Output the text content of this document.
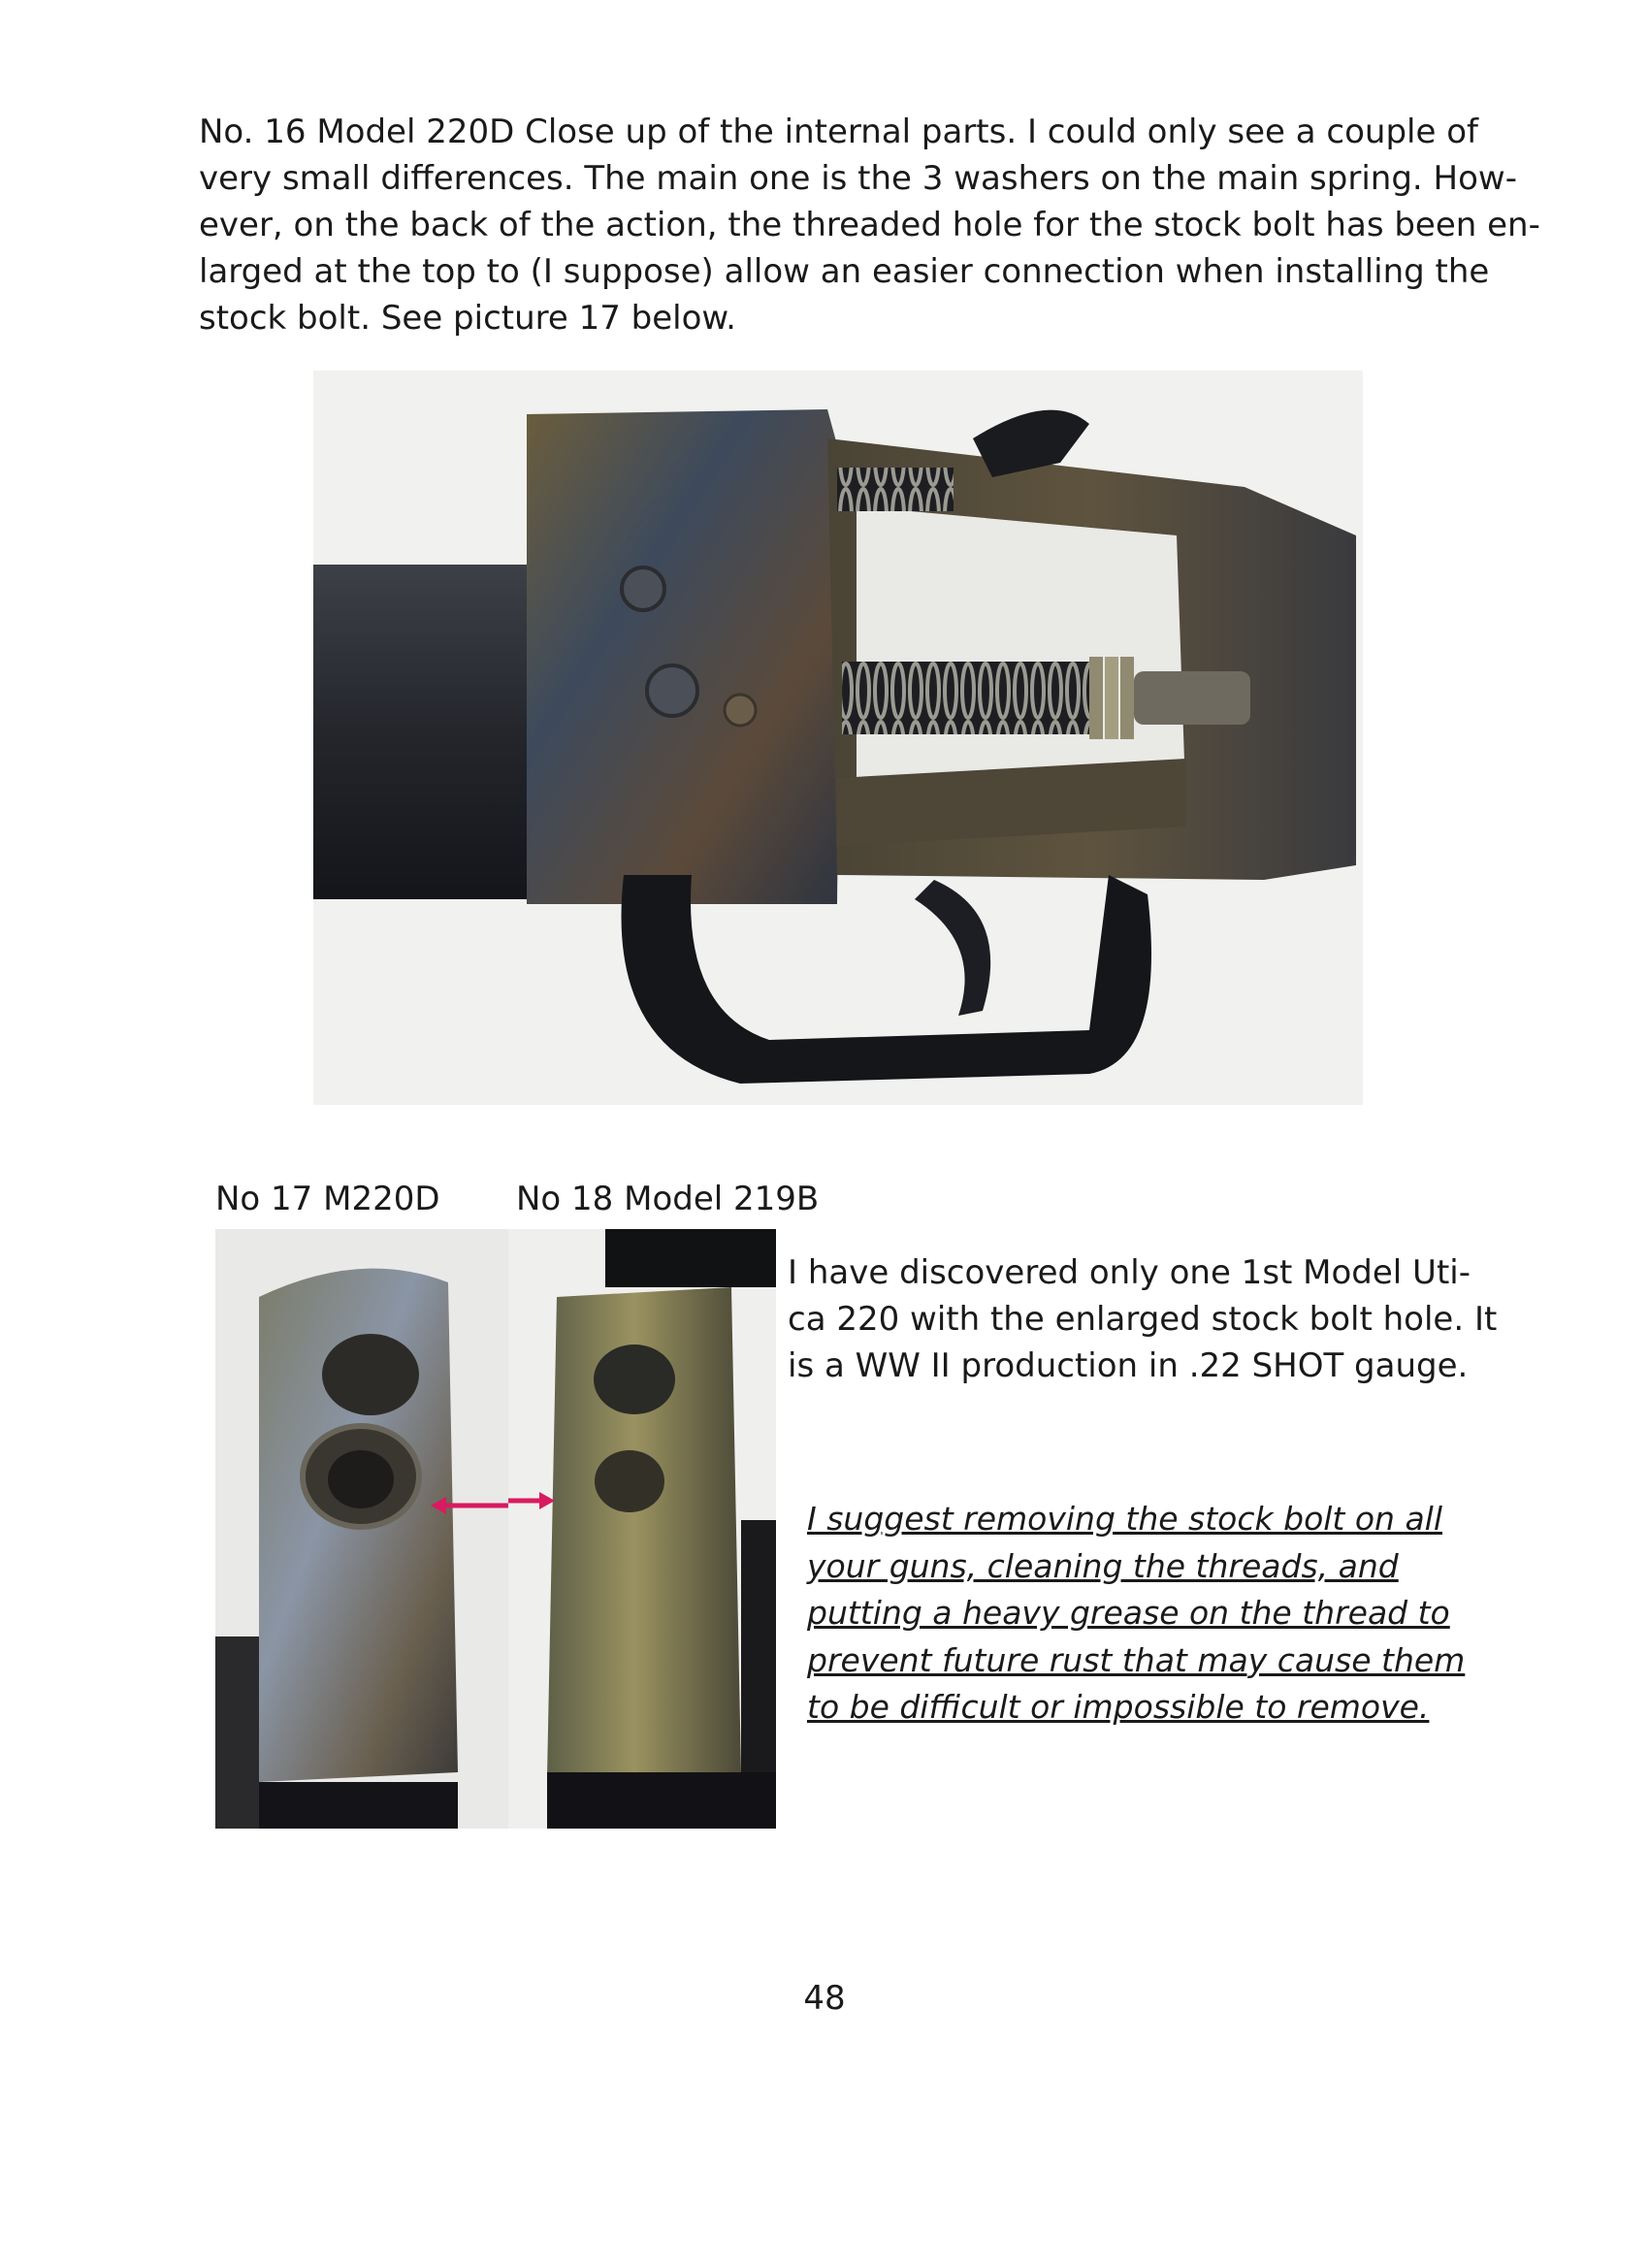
No. 16 Model 220D Close up of the internal parts. I could only see a couple of
very small differences. The main one is the 3 washers on the main spring. How-
ever, on the back of the action, the threaded hole for the stock bolt has been en-
larged at the top to (I suppose) allow an easier connection when installing the
stock bolt. See picture 17 below.

No 17 M220D No 18 Model 219B

I have discovered only one 1st Model Uti-
ca 220 with the enlarged stock bolt hole. It
is a WW II production in .22 SHOT gauge.

I suggest removing the stock bolt on all
your guns, cleaning the threads, and
putting a heavy grease on the thread to
prevent future rust that may cause them
to be difficult or impossible to remove.

48
